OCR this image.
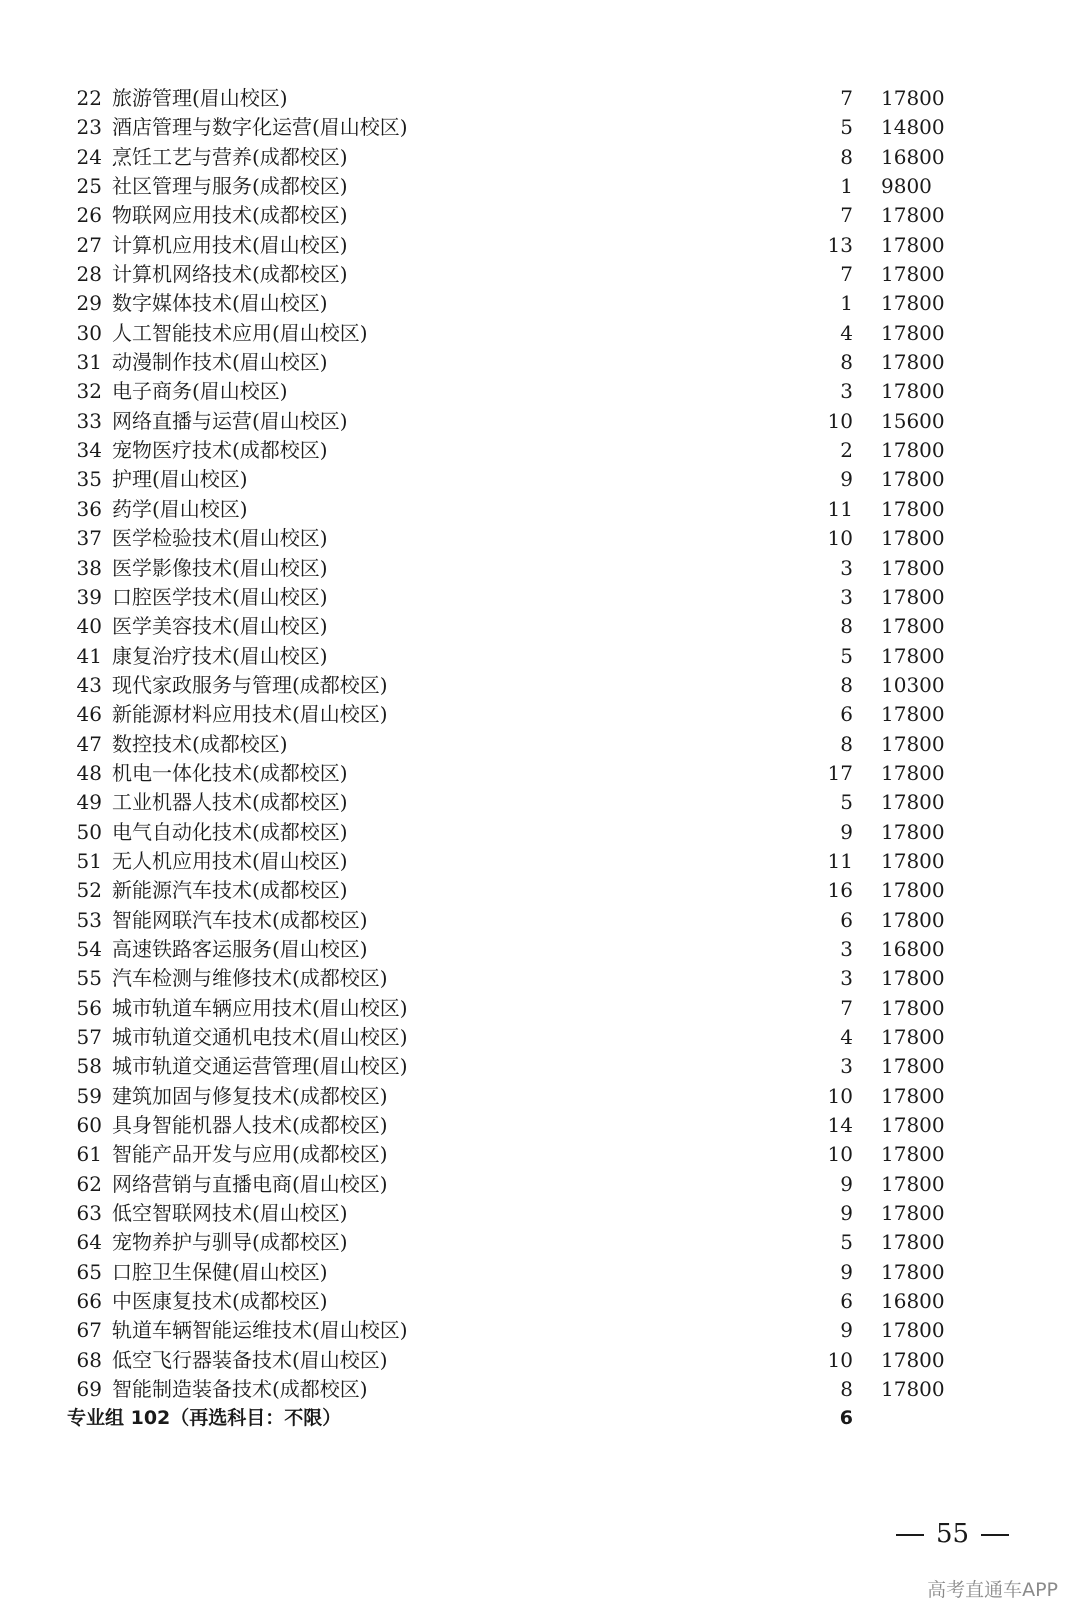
22 旅游管理(眉山校区)	7 17800
23 酒店管理与数字化运营(眉山校区)	5 14800
24 烹饪工艺与营养(成都校区)	8 16800
25 社区管理与服务(成都校区)	1 9800
26 物联网应用技术(成都校区)	7 17800
27 计算机应用技术(眉山校区)	13 17800
28 计算机网络技术(成都校区)	7 17800
29 数字媒体技术(眉山校区)	1 17800
30 人工智能技术应用(眉山校区)	4 17800
31 动漫制作技术(眉山校区)	8 17800
32 电子商务(眉山校区)	3 17800
33 网络直播与运营(眉山校区)	10 15600
34 宠物医疗技术(成都校区)	2 17800
35 护理(眉山校区)	9 17800
36 药学(眉山校区)	11 17800
37 医学检验技术(眉山校区)	10 17800
38 医学影像技术(眉山校区)	3 17800
39 口腔医学技术(眉山校区)	3 17800
40 医学美容技术(眉山校区)	8 17800
41 康复治疗技术(眉山校区)	5 17800
43 现代家政服务与管理(成都校区)	8 10300
46 新能源材料应用技术(眉山校区)	6 17800
47 数控技术(成都校区)	8 17800
48 机电一体化技术(成都校区)	17 17800
49 工业机器人技术(成都校区)	5 17800
50 电气自动化技术(成都校区)	9 17800
51 无人机应用技术(眉山校区)	11 17800
52 新能源汽车技术(成都校区)	16 17800
53 智能网联汽车技术(成都校区)	6 17800
54 高速铁路客运服务(眉山校区)	3 16800
55 汽车检测与维修技术(成都校区)	3 17800
56 城市轨道车辆应用技术(眉山校区)	7 17800
57 城市轨道交通机电技术(眉山校区)	4 17800
58 城市轨道交通运营管理(眉山校区)	3 17800
59 建筑加固与修复技术(成都校区)	10 17800
60 具身智能机器人技术(成都校区)	14 17800
61 智能产品开发与应用(成都校区)	10 17800
62 网络营销与直播电商(眉山校区)	9 17800
63 低空智联网技术(眉山校区)	9 17800
64 宠物养护与驯导(成都校区)	5 17800
65 口腔卫生保健(眉山校区)	9 17800
66 中医康复技术(成都校区)	6 16800
67 轨道车辆智能运维技术(眉山校区)	9 17800
68 低空飞行器装备技术(眉山校区)	10 17800
69 智能制造装备技术(成都校区)	8 17800
专业组 102（再选科目：不限）	6
55
高考直通车APP
